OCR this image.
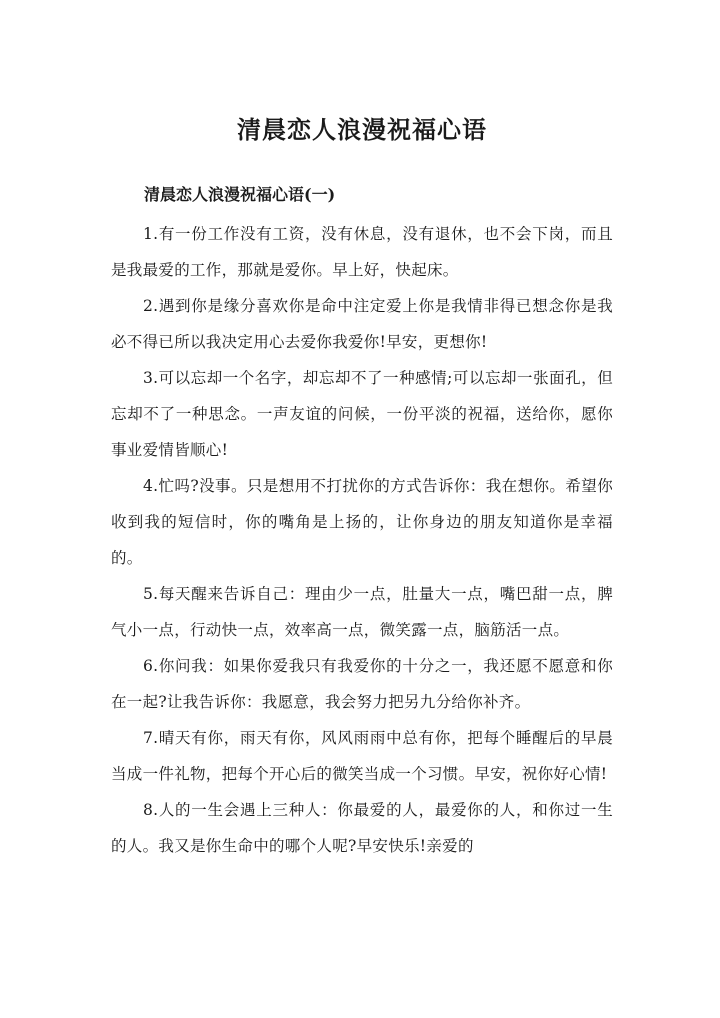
清晨恋人浪漫祝福心语
清晨恋人浪漫祝福心语(一)

1.有一份工作没有工资，没有休息，没有退休，也不会下岗，而且是我最爱的工作，那就是爱你。早上好，快起床。

2.遇到你是缘分喜欢你是命中注定爱上你是我情非得已想念你是我必不得已所以我决定用心去爱你我爱你!早安，更想你!

3.可以忘却一个名字，却忘却不了一种感情;可以忘却一张面孔，但忘却不了一种思念。一声友谊的问候，一份平淡的祝福，送给你，愿你事业爱情皆顺心!

4.忙吗?没事。只是想用不打扰你的方式告诉你：我在想你。希望你收到我的短信时，你的嘴角是上扬的，让你身边的朋友知道你是幸福的。

5.每天醒来告诉自己：理由少一点，肚量大一点，嘴巴甜一点，脾气小一点，行动快一点，效率高一点，微笑露一点，脑筋活一点。

6.你问我：如果你爱我只有我爱你的十分之一，我还愿不愿意和你在一起?让我告诉你：我愿意，我会努力把另九分给你补齐。

7.晴天有你，雨天有你，风风雨雨中总有你，把每个睡醒后的早晨当成一件礼物，把每个开心后的微笑当成一个习惯。早安，祝你好心情!

8.人的一生会遇上三种人：你最爱的人，最爱你的人，和你过一生的人。我又是你生命中的哪个人呢?早安快乐!亲爱的
